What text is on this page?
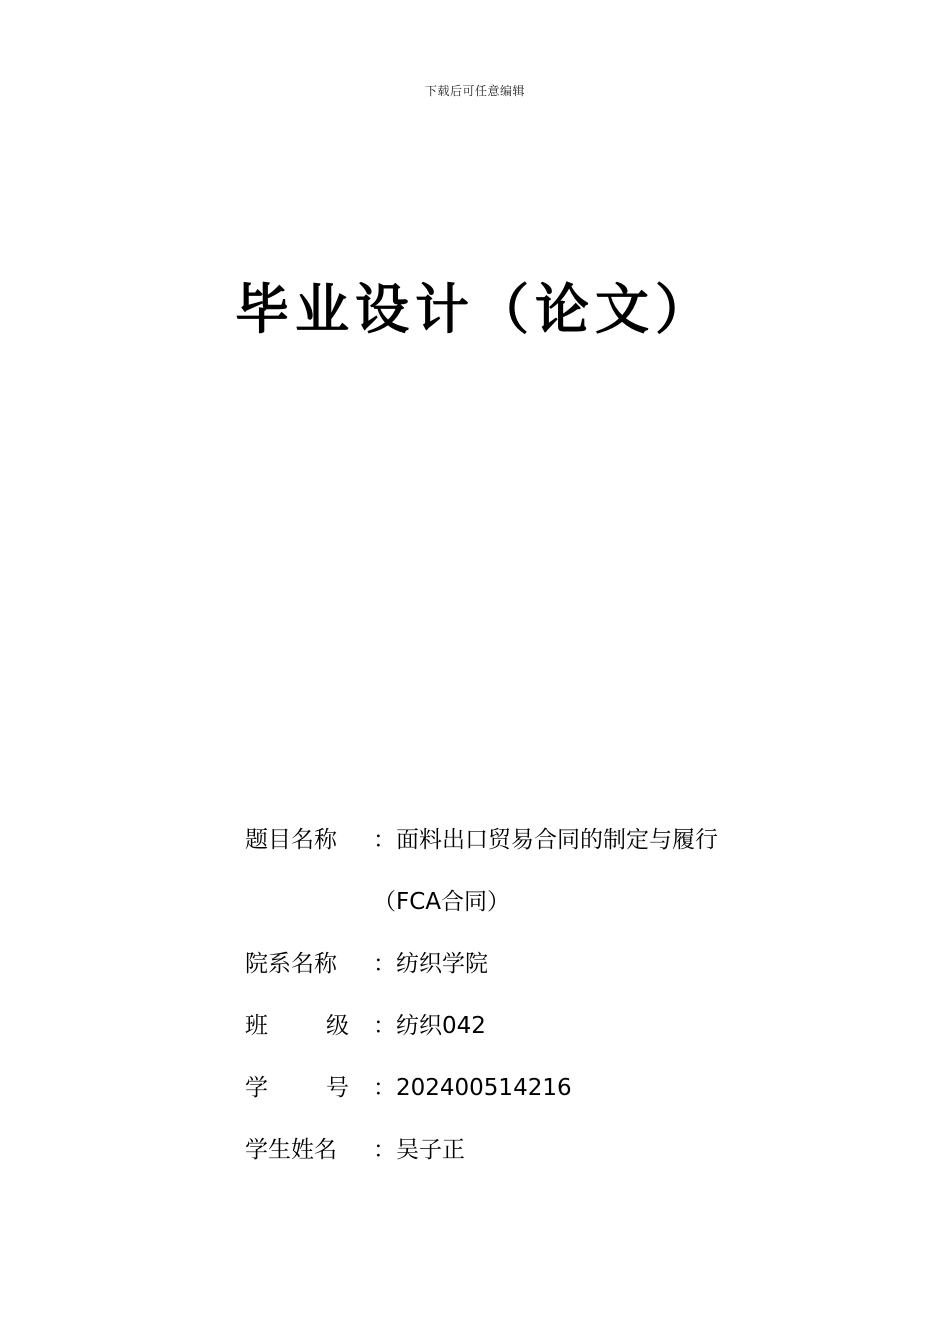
下载后可任意编辑
毕业设计（论文）
题目名称 ： 面料出口贸易合同的制定与履行
（FCA合同）
院系名称 ： 纺织学院
班	级 ： 纺织042
学	号 ： 202400514216
学生姓名 ： 吴子正
